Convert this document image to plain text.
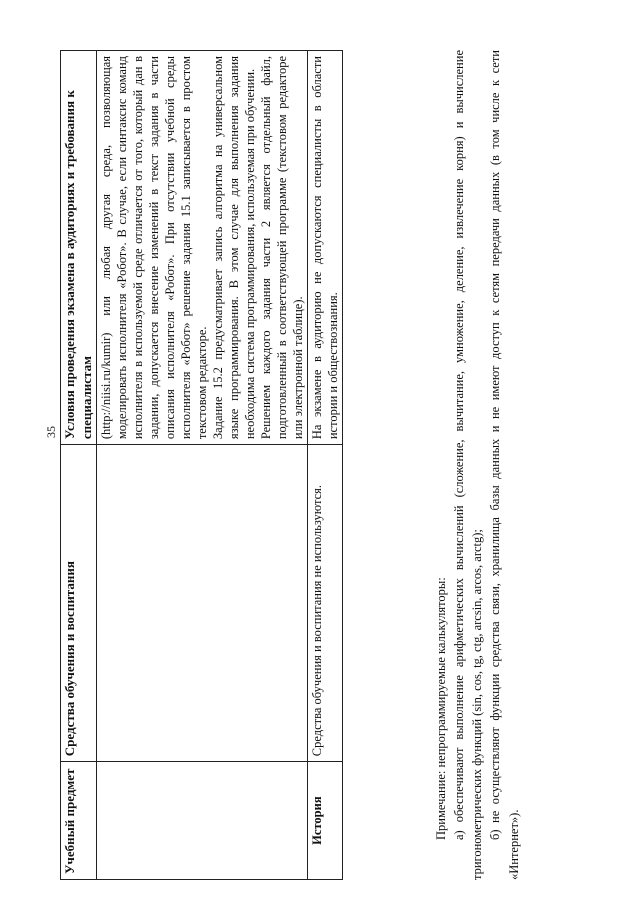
35
Учебный предмет	Средства обучения и воспитания	Условия проведения экзамена в аудиториях и требования к специалистам

		(http://niisi.ru/kumir) или любая другая среда, позволяющая моделировать исполнителя «Робот». В случае, если синтаксис команд исполнителя в используемой среде отличается от того, который дан в задании, допускается внесение изменений в текст задания в части описания исполнителя «Робот». При отсутствии учебной среды исполнителя «Робот» решение задания 15.1 записывается в простом текстовом редакторе. Задание 15.2 предусматривает запись алгоритма на универсальном языке программирования. В этом случае для выполнения задания необходима система программирования, используемая при обучении. Решением каждого задания части 2 является отдельный файл, подготовленный в соответствующей программе (текстовом редакторе или электронной таблице).

История	Средства обучения и воспитания не используются.	На экзамене в аудиторию не допускаются специалисты в области истории и обществознания.

Примечание: непрограммируемые калькуляторы: а) обеспечивают выполнение арифметических вычислений (сложение, вычитание, умножение, деление, извлечение корня) и вычисление тригонометрических функций (sin, cos, tg, ctg, arcsin, arcos, arctg); б) не осуществляют функции средства связи, хранилища базы данных и не имеют доступ к сетям передачи данных (в том числе к сети «Интернет»).
